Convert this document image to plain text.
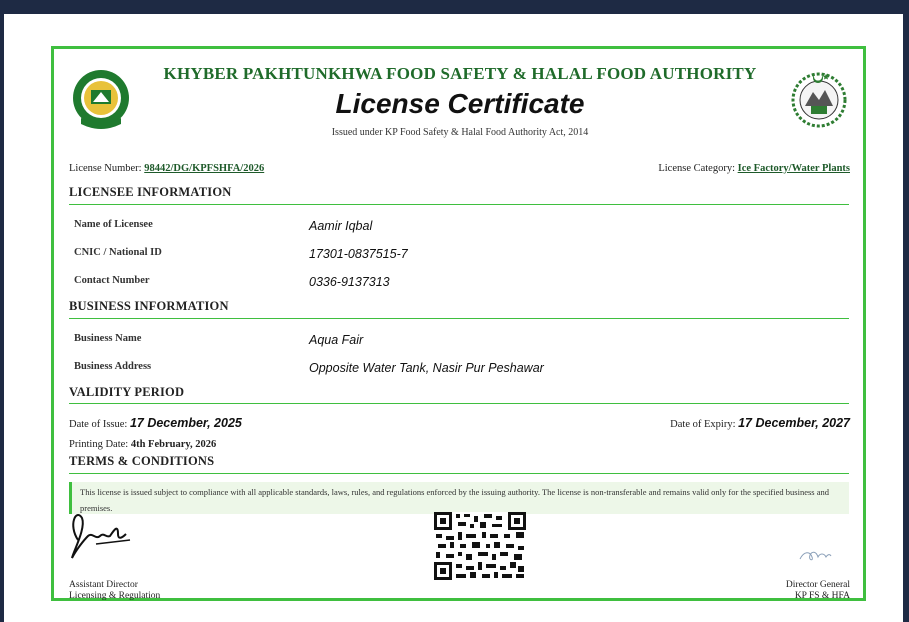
KHYBER PAKHTUNKHWA FOOD SAFETY & HALAL FOOD AUTHORITY
License Certificate
Issued under KP Food Safety & Halal Food Authority Act, 2014
License Number: 98442/DG/KPFSHFA/2026	License Category: Ice Factory/Water Plants
LICENSEE INFORMATION
Name of Licensee	Aamir Iqbal
CNIC / National ID	17301-0837515-7
Contact Number	0336-9137313
BUSINESS INFORMATION
Business Name	Aqua Fair
Business Address	Opposite Water Tank, Nasir Pur Peshawar
VALIDITY PERIOD
Date of Issue: 17 December, 2025	Date of Expiry: 17 December, 2027
Printing Date: 4th February, 2026
TERMS & CONDITIONS
This license is issued subject to compliance with all applicable standards, laws, rules, and regulations enforced by the issuing authority. The license is non-transferable and remains valid only for the specified business and premises.
Assistant Director
Licensing & Regulation
Director General
KP FS & HFA
